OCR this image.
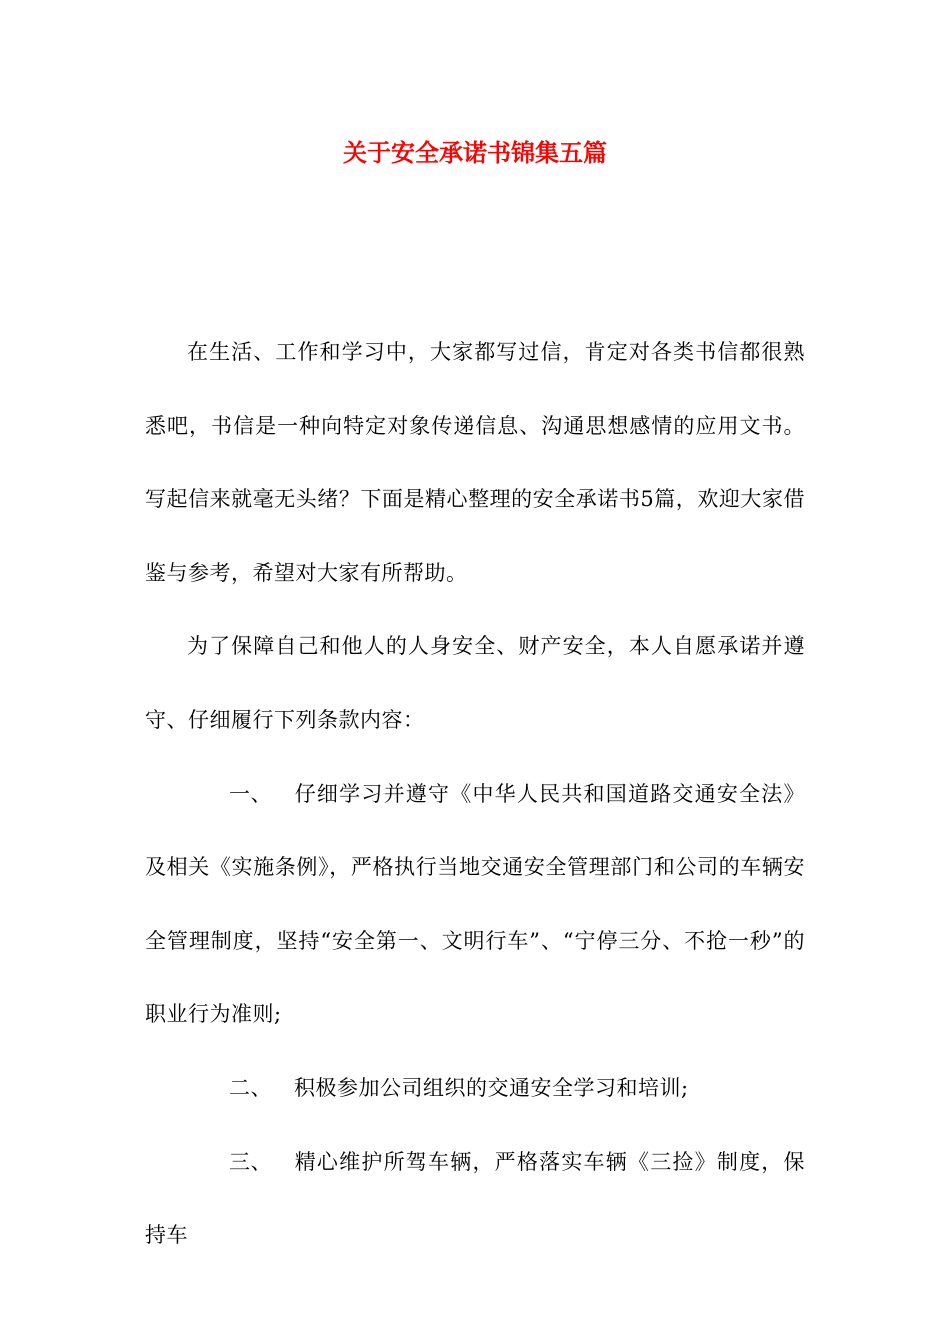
关于安全承诺书锦集五篇

在生活、工作和学习中，大家都写过信，肯定对各类书信都很熟悉吧，书信是一种向特定对象传递信息、沟通思想感情的应用文书。写起信来就毫无头绪？下面是精心整理的安全承诺书5篇，欢迎大家借鉴与参考，希望对大家有所帮助。

为了保障自己和他人的人身安全、财产安全，本人自愿承诺并遵守、仔细履行下列条款内容：

一、 仔细学习并遵守《中华人民共和国道路交通安全法》及相关《实施条例》，严格执行当地交通安全管理部门和公司的车辆安全管理制度，坚持“安全第一、文明行车”、“宁停三分、不抢一秒”的职业行为准则;

二、 积极参加公司组织的交通安全学习和培训;

三、 精心维护所驾车辆，严格落实车辆《三捡》制度，保持车
